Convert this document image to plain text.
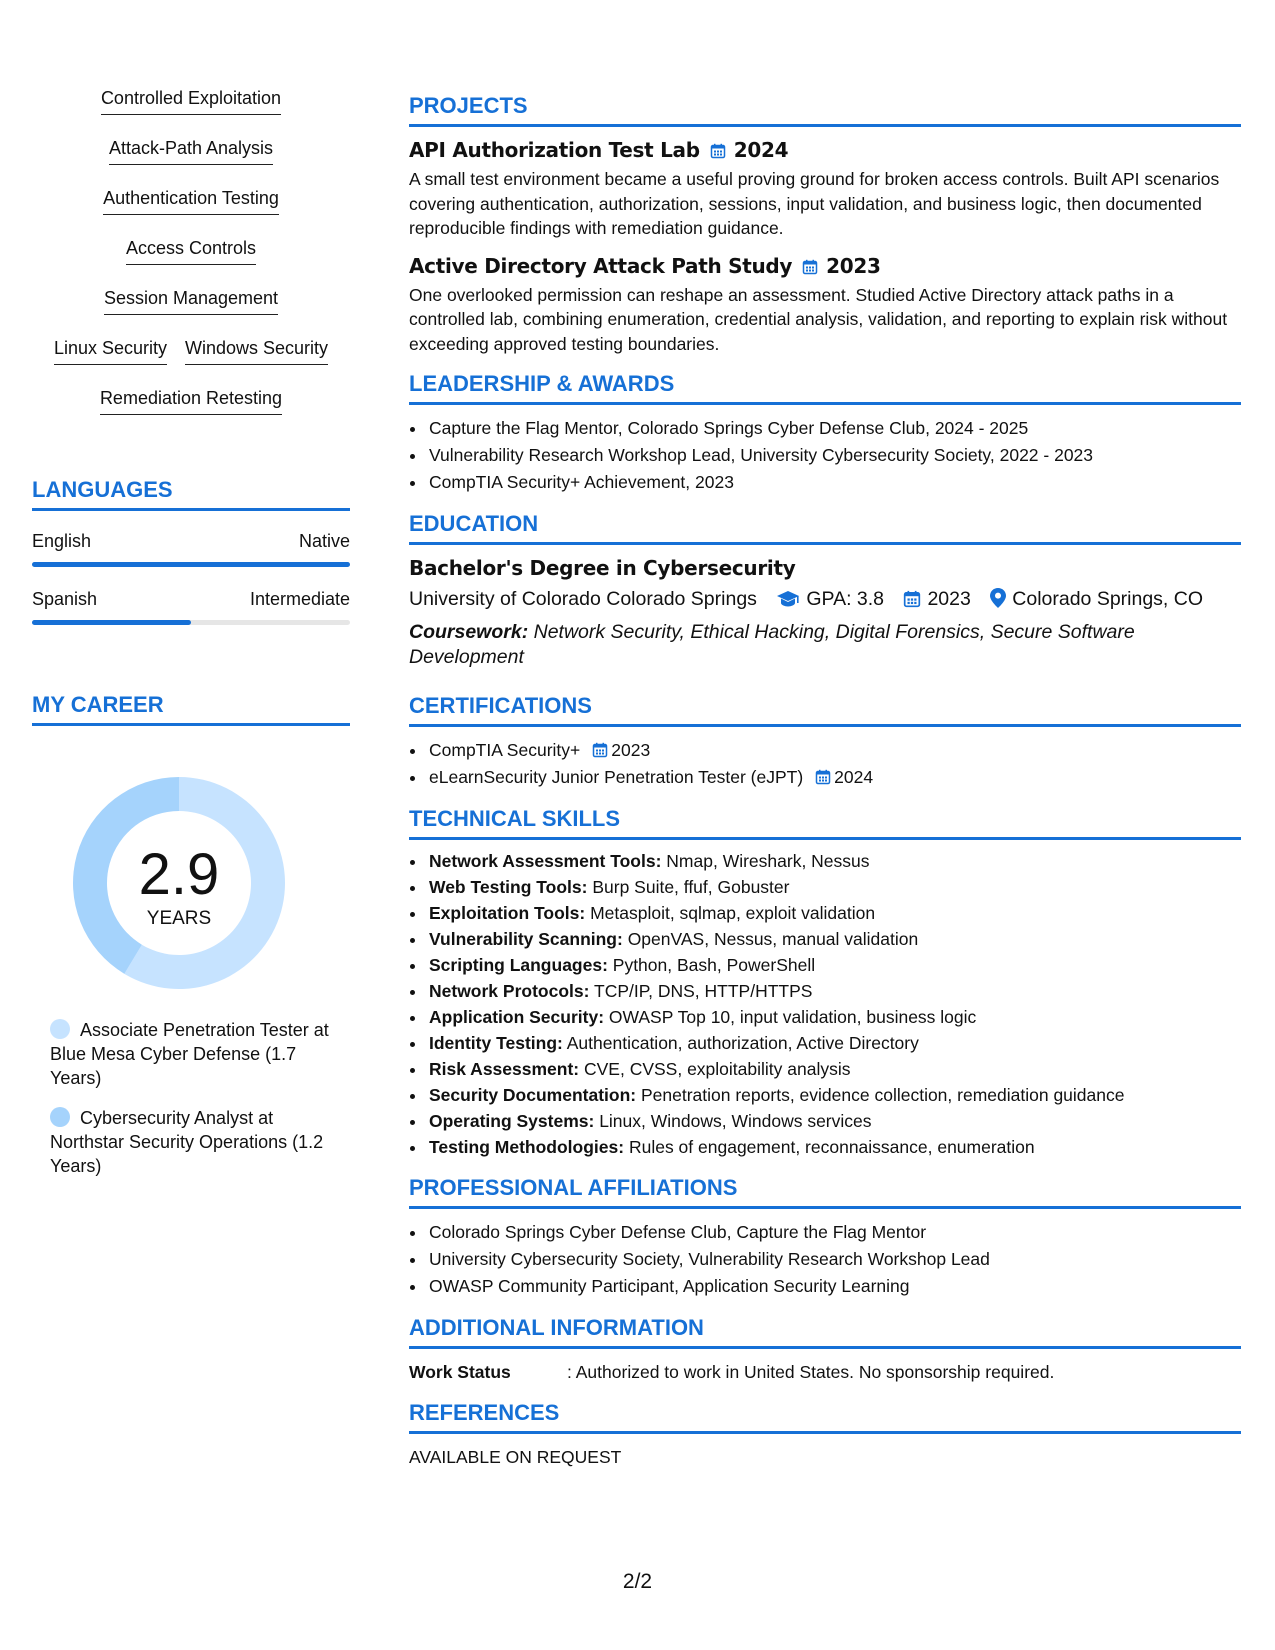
Controlled Exploitation
Attack-Path Analysis
Authentication Testing
Access Controls
Session Management
Linux Security Windows Security
Remediation Retesting
LANGUAGES
English	Native
Spanish	Intermediate
MY CAREER
2.9
YEARS
Associate Penetration Tester at Blue Mesa Cyber Defense (1.7 Years)
Cybersecurity Analyst at Northstar Security Operations (1.2 Years)
PROJECTS
API Authorization Test Lab 2024
A small test environment became a useful proving ground for broken access controls. Built API scenarios covering authentication, authorization, sessions, input validation, and business logic, then documented reproducible findings with remediation guidance.
Active Directory Attack Path Study 2023
One overlooked permission can reshape an assessment. Studied Active Directory attack paths in a controlled lab, combining enumeration, credential analysis, validation, and reporting to explain risk without exceeding approved testing boundaries.
LEADERSHIP & AWARDS
• Capture the Flag Mentor, Colorado Springs Cyber Defense Club, 2024 - 2025
• Vulnerability Research Workshop Lead, University Cybersecurity Society, 2022 - 2023
• CompTIA Security+ Achievement, 2023
EDUCATION
Bachelor's Degree in Cybersecurity
University of Colorado Colorado Springs	GPA: 3.8 2023 Colorado Springs, CO
Coursework: Network Security, Ethical Hacking, Digital Forensics, Secure Software Development
CERTIFICATIONS
• CompTIA Security+ 2023
• eLearnSecurity Junior Penetration Tester (eJPT) 2024
TECHNICAL SKILLS
• Network Assessment Tools: Nmap, Wireshark, Nessus
• Web Testing Tools: Burp Suite, ffuf, Gobuster
• Exploitation Tools: Metasploit, sqlmap, exploit validation
• Vulnerability Scanning: OpenVAS, Nessus, manual validation
• Scripting Languages: Python, Bash, PowerShell
• Network Protocols: TCP/IP, DNS, HTTP/HTTPS
• Application Security: OWASP Top 10, input validation, business logic
• Identity Testing: Authentication, authorization, Active Directory
• Risk Assessment: CVE, CVSS, exploitability analysis
• Security Documentation: Penetration reports, evidence collection, remediation guidance
• Operating Systems: Linux, Windows, Windows services
• Testing Methodologies: Rules of engagement, reconnaissance, enumeration
PROFESSIONAL AFFILIATIONS
• Colorado Springs Cyber Defense Club, Capture the Flag Mentor
• University Cybersecurity Society, Vulnerability Research Workshop Lead
• OWASP Community Participant, Application Security Learning
ADDITIONAL INFORMATION
Work Status	: Authorized to work in United States. No sponsorship required.
REFERENCES
AVAILABLE ON REQUEST
2/2
